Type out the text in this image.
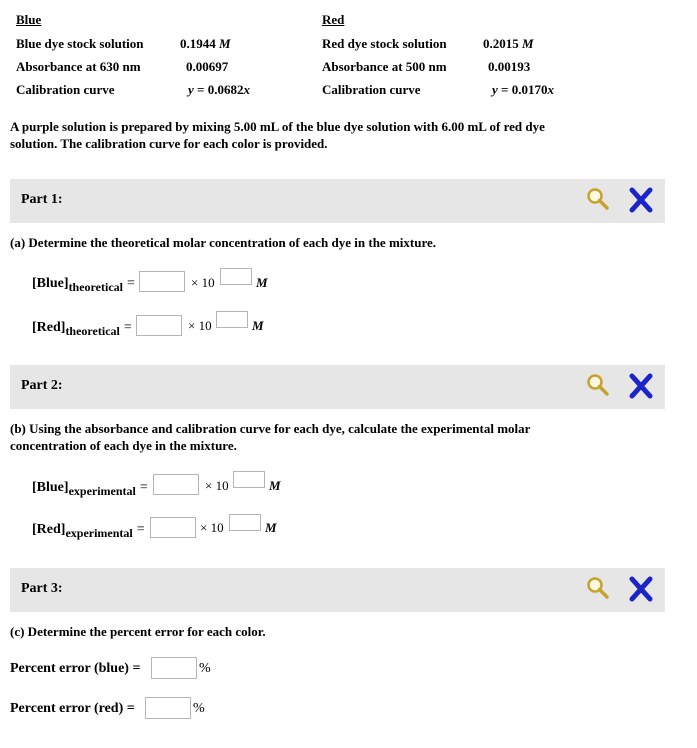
Blue
Blue dye stock solution	0.1944 M
Absorbance at 630 nm	0.00697
Calibration curve	y = 0.0682x
Red
Red dye stock solution	0.2015 M
Absorbance at 500 nm	0.00193
Calibration curve	y = 0.0170x
A purple solution is prepared by mixing 5.00 mL of the blue dye solution with 6.00 mL of red dye
solution. The calibration curve for each color is provided.
Part 1:
(a) Determine the theoretical molar concentration of each dye in the mixture.
$[Blue]_{theoretical}$ =	× 10	M
$[Red]_{theoretical}$ =	× 10	M
Part 2:
(b) Using the absorbance and calibration curve for each dye, calculate the experimental molar
concentration of each dye in the mixture.
$[Blue]_{experimental}$ =	× 10	M
$[Red]_{experimental}$ =	× 10	M
Part 3:
(c) Determine the percent error for each color.
Percent error (blue) =	%
Percent error (red) =	%
